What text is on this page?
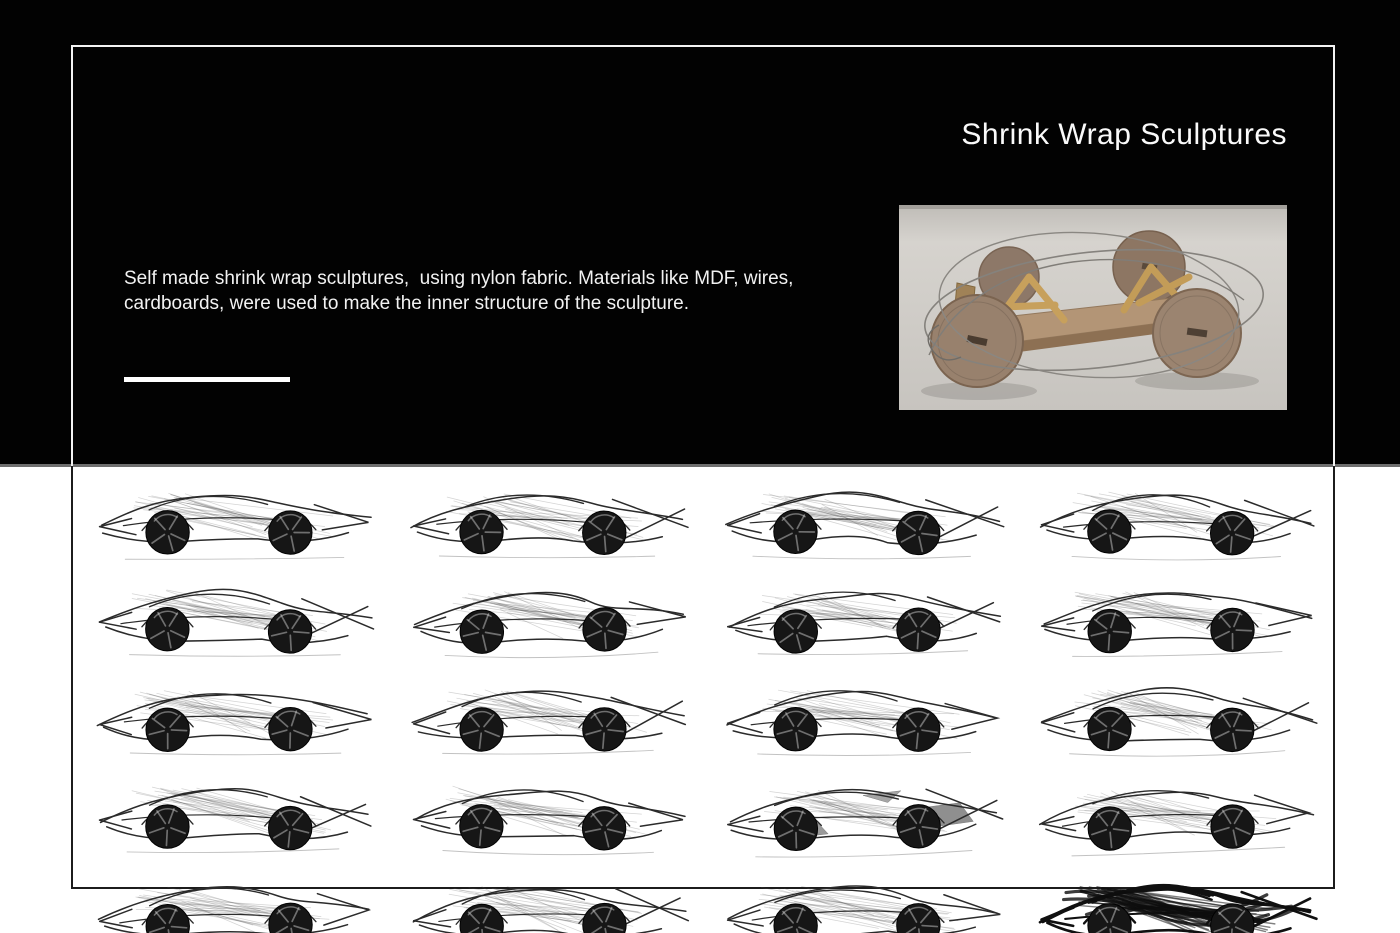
Shrink Wrap Sculptures
Self made shrink wrap sculptures,  using nylon fabric. Materials like MDF, wires,
cardboards, were used to make the inner structure of the sculpture.
